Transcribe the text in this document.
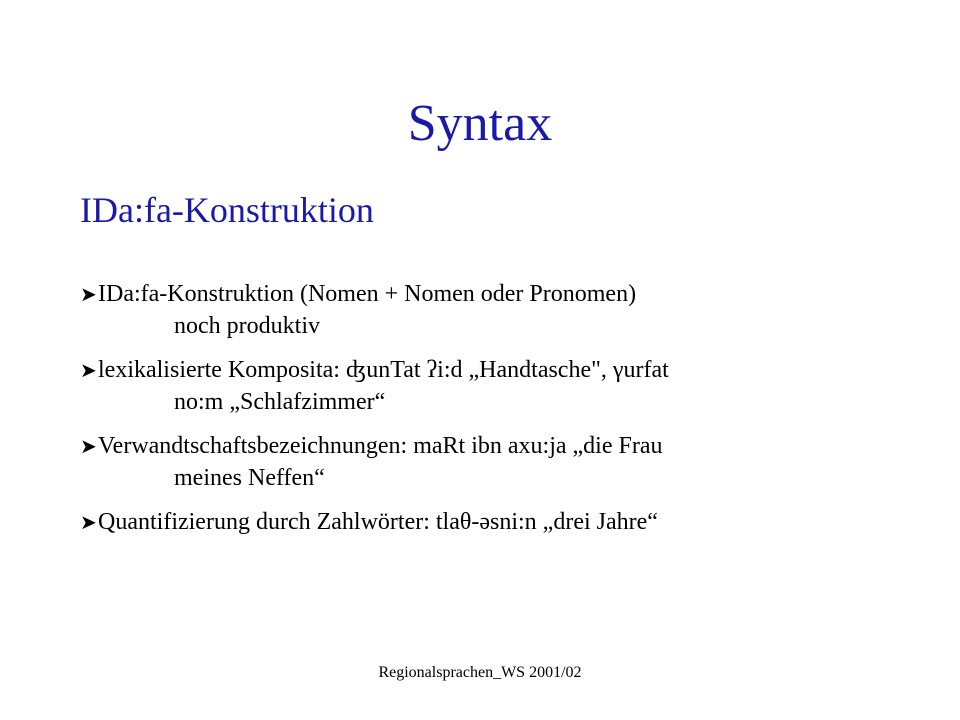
Syntax
IDa:fa-Konstruktion
➤ IDa:fa-Konstruktion (Nomen + Nomen oder Pronomen)
noch produktiv
➤ lexikalisierte Komposita: ʤunTat ʔi:d „Handtasche", γurfat
no:m „Schlafzimmer“
➤ Verwandtschaftsbezeichnungen: maRt ibn axu:ja „die Frau
meines Neffen“
➤ Quantifizierung durch Zahlwörter: tlaθ-əsni:n „drei Jahre“
Regionalsprachen_WS 2001/02
